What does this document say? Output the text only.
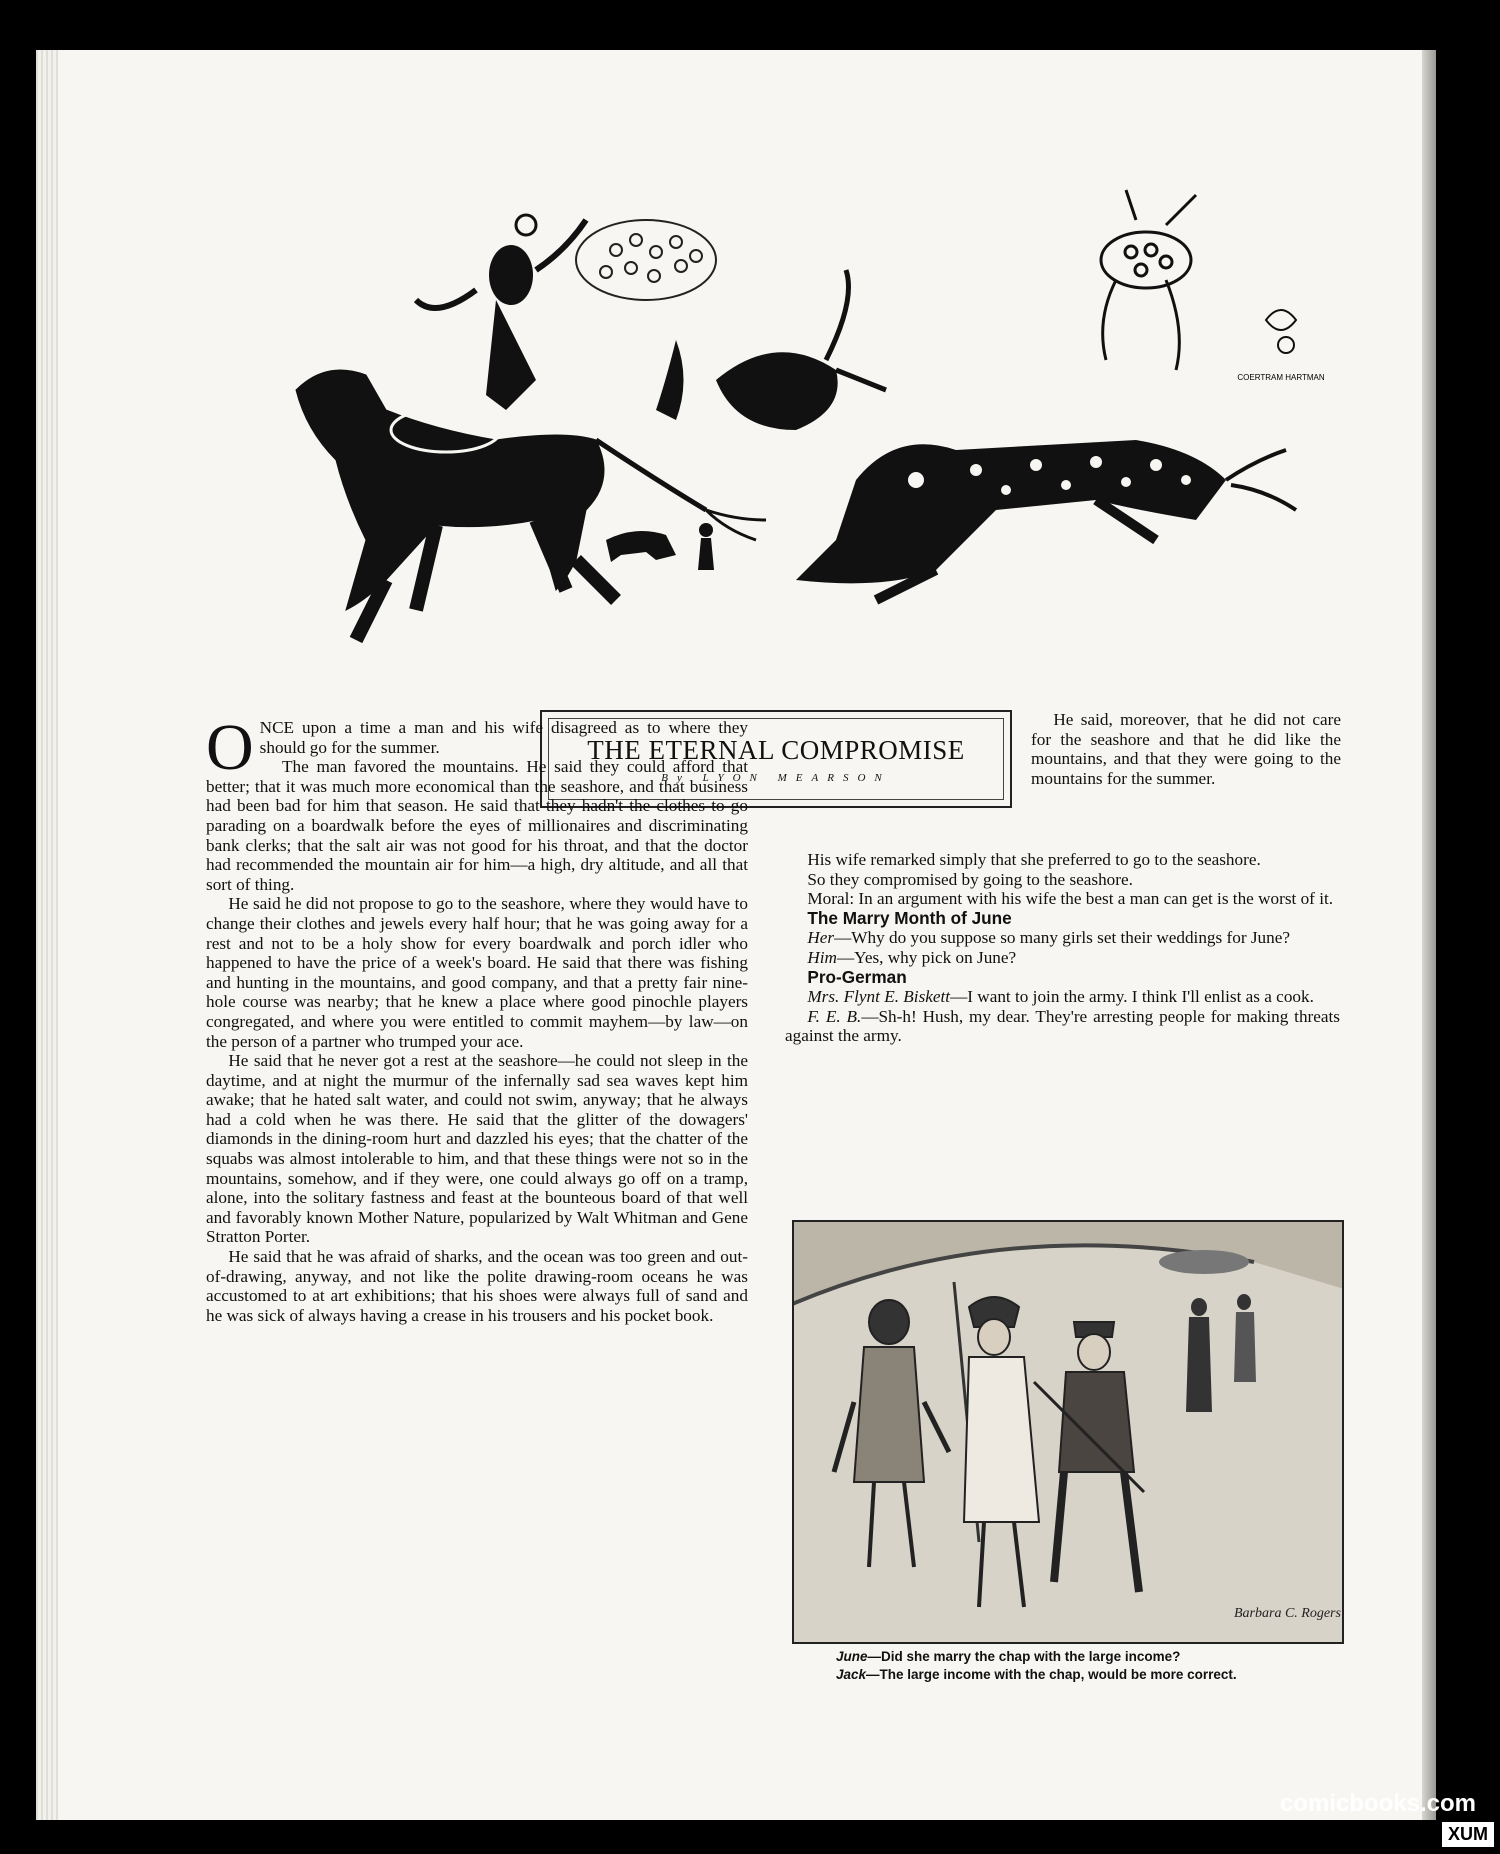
COERTRAM HARTMAN
THE ETERNAL COMPROMISE
By LYON MEARSON

ONCE upon a time a man and his wife disagreed as to where they should go for the summer.

The man favored the mountains. He said they could afford that better; that it was much more economical than the seashore, and that business had been bad for him that season. He said that they hadn't the clothes to go parading on a boardwalk before the eyes of millionaires and discriminating bank clerks; that the salt air was not good for his throat, and that the doctor had recommended the mountain air for him—a high, dry altitude, and all that sort of thing.

He said he did not propose to go to the seashore, where they would have to change their clothes and jewels every half hour; that he was going away for a rest and not to be a holy show for every boardwalk and porch idler who happened to have the price of a week's board. He said that there was fishing and hunting in the mountains, and good company, and that a pretty fair nine-hole course was nearby; that he knew a place where good pinochle players congregated, and where you were entitled to commit mayhem—by law—on the person of a partner who trumped your ace.

He said that he never got a rest at the seashore—he could not sleep in the daytime, and at night the murmur of the infernally sad sea waves kept him awake; that he hated salt water, and could not swim, anyway; that he always had a cold when he was there. He said that the glitter of the dowagers' diamonds in the dining-room hurt and dazzled his eyes; that the chatter of the squabs was almost intolerable to him, and that these things were not so in the mountains, somehow, and if they were, one could always go off on a tramp, alone, into the solitary fastness and feast at the bounteous board of that well and favorably known Mother Nature, popularized by Walt Whitman and Gene Stratton Porter.

He said that he was afraid of sharks, and the ocean was too green and out-of-drawing, anyway, and not like the polite drawing-room oceans he was accustomed to at art exhibitions; that his shoes were always full of sand and he was sick of always having a crease in his trousers and his pocket book.

He said, moreover, that he did not care for the seashore and that he did like the mountains, and that they were going to the mountains for the summer.

His wife remarked simply that she preferred to go to the seashore.

So they compromised by going to the seashore.

Moral: In an argument with his wife the best a man can get is the worst of it.

The Marry Month of June

Her—Why do you suppose so many girls set their weddings for June?

Him—Yes, why pick on June?

Pro-German

Mrs. Flynt E. Biskett—I want to join the army. I think I'll enlist as a cook.

F. E. B.—Sh-h! Hush, my dear. They're arresting people for making threats against the army.

Barbara C. Rogers
June—Did she marry the chap with the large income?
Jack—The large income with the chap, would be more correct.
comicbooks.com
XUM
